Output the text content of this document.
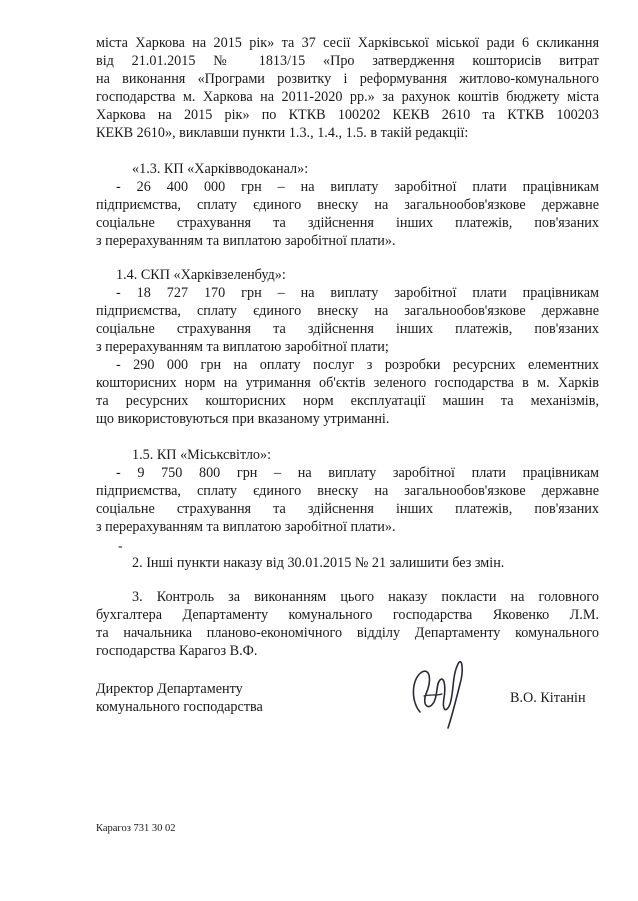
міста Харкова на 2015 рік» та 37 сесії Харківської міської ради 6 скликання
від 21.01.2015 № 1813/15 «Про затвердження кошторисів витрат
на виконання «Програми розвитку і реформування житлово-комунального
господарства м. Харкова на 2011-2020 рр.» за рахунок коштів бюджету міста
Харкова на 2015 рік» по КТКВ 100202 КЕКВ 2610 та КТКВ 100203
КЕКВ 2610», виклавши пункти 1.3., 1.4., 1.5. в такій редакції:
«1.3. КП «Харківводоканал»:
- 26 400 000 грн – на виплату заробітної плати працівникам
підприємства, сплату єдиного внеску на загальнообов'язкове державне
соціальне страхування та здійснення інших платежів, пов'язаних
з перерахуванням та виплатою заробітної плати».
1.4. СКП «Харківзеленбуд»:
- 18 727 170 грн – на виплату заробітної плати працівникам
підприємства, сплату єдиного внеску на загальнообов'язкове державне
соціальне страхування та здійснення інших платежів, пов'язаних
з перерахуванням та виплатою заробітної плати;
- 290 000 грн на оплату послуг з розробки ресурсних елементних
кошторисних норм на утримання об'єктів зеленого господарства в м. Харків
та ресурсних кошторисних норм експлуатації машин та механізмів,
що використовуються при вказаному утриманні.
1.5. КП «Міськсвітло»:
- 9 750 800 грн – на виплату заробітної плати працівникам
підприємства, сплату єдиного внеску на загальнообов'язкове державне
соціальне страхування та здійснення інших платежів, пов'язаних
з перерахуванням та виплатою заробітної плати».
-
2. Інші пункти наказу від 30.01.2015 № 21 залишити без змін.
3. Контроль за виконанням цього наказу покласти на головного
бухгалтера Департаменту комунального господарства Яковенко Л.М.
та начальника планово-економічного відділу Департаменту комунального
господарства Карагоз В.Ф.
Директор Департаменту
комунального господарства
В.О. Кітанін
Карагоз 731 30 02
